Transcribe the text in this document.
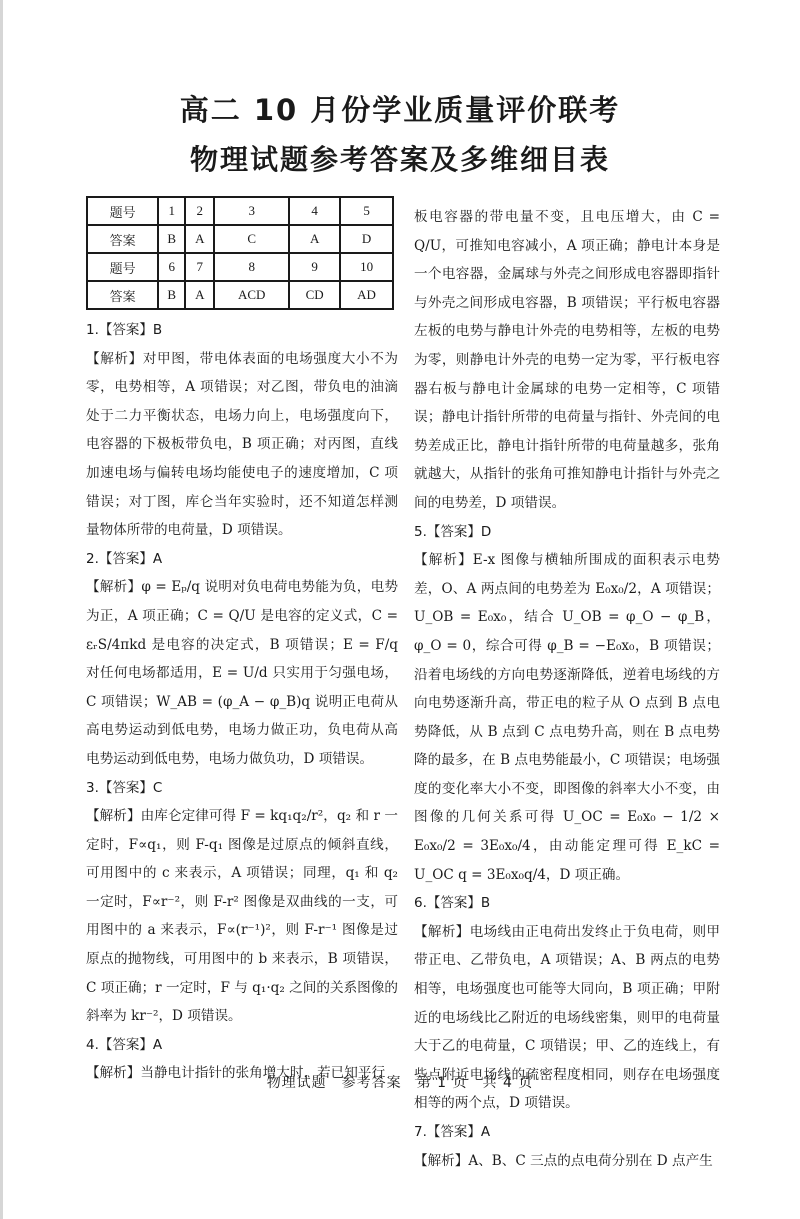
高二 10 月份学业质量评价联考
物理试题参考答案及多维细目表
题号	1	2	3	4	5
答案	B	A	C	A	D
题号	6	7	8	9	10
答案	B	A	ACD	CD	AD

1.【答案】B

【解析】对甲图，带电体表面的电场强度大小不为零，电势相等，A 项错误；对乙图，带负电的油滴处于二力平衡状态，电场力向上，电场强度向下，电容器的下极板带负电，B 项正确；对丙图，直线加速电场与偏转电场均能使电子的速度增加，C 项错误；对丁图，库仑当年实验时，还不知道怎样测量物体所带的电荷量，D 项错误。

2.【答案】A

【解析】φ = Eₚ/q 说明对负电荷电势能为负，电势为正，A 项正确；C = Q/U 是电容的定义式，C = εᵣS/4πkd 是电容的决定式，B 项错误；E = F/q 对任何电场都适用，E = U/d 只实用于匀强电场，C 项错误；W_AB = (φ_A − φ_B)q 说明正电荷从高电势运动到低电势，电场力做正功，负电荷从高电势运动到低电势，电场力做负功，D 项错误。

3.【答案】C

【解析】由库仑定律可得 F = kq₁q₂/r²，q₂ 和 r 一定时，F∝q₁，则 F-q₁ 图像是过原点的倾斜直线，可用图中的 c 来表示，A 项错误；同理，q₁ 和 q₂ 一定时，F∝r⁻²，则 F-r² 图像是双曲线的一支，可用图中的 a 来表示，F∝(r⁻¹)²，则 F-r⁻¹ 图像是过原点的抛物线，可用图中的 b 来表示，B 项错误，C 项正确；r 一定时，F 与 q₁·q₂ 之间的关系图像的斜率为 kr⁻²，D 项错误。

4.【答案】A

【解析】当静电计指针的张角增大时，若已知平行

板电容器的带电量不变，且电压增大，由 C = Q/U，可推知电容减小，A 项正确；静电计本身是一个电容器，金属球与外壳之间形成电容器即指针与外壳之间形成电容器，B 项错误；平行板电容器左板的电势与静电计外壳的电势相等，左板的电势为零，则静电计外壳的电势一定为零，平行板电容器右板与静电计金属球的电势一定相等，C 项错误；静电计指针所带的电荷量与指针、外壳间的电势差成正比，静电计指针所带的电荷量越多，张角就越大，从指针的张角可推知静电计指针与外壳之间的电势差，D 项错误。

5.【答案】D

【解析】E-x 图像与横轴所围成的面积表示电势差，O、A 两点间的电势差为 E₀x₀/2，A 项错误；U_OB = E₀x₀，结合 U_OB = φ_O − φ_B，φ_O = 0，综合可得 φ_B = −E₀x₀，B 项错误；沿着电场线的方向电势逐渐降低，逆着电场线的方向电势逐渐升高，带正电的粒子从 O 点到 B 点电势降低，从 B 点到 C 点电势升高，则在 B 点电势降的最多，在 B 点电势能最小，C 项错误；电场强度的变化率大小不变，即图像的斜率大小不变，由图像的几何关系可得 U_OC = E₀x₀ − 1/2 × E₀x₀/2 = 3E₀x₀/4，由动能定理可得 E_kC = U_OC q = 3E₀x₀q/4，D 项正确。

6.【答案】B

【解析】电场线由正电荷出发终止于负电荷，则甲带正电、乙带负电，A 项错误；A、B 两点的电势相等，电场强度也可能等大同向，B 项正确；甲附近的电场线比乙附近的电场线密集，则甲的电荷量大于乙的电荷量，C 项错误；甲、乙的连线上，有些点附近电场线的疏密程度相同，则存在电场强度相等的两个点，D 项错误。

7.【答案】A

【解析】A、B、C 三点的点电荷分别在 D 点产生

物理试题　参考答案　第 1 页　共 4 页
